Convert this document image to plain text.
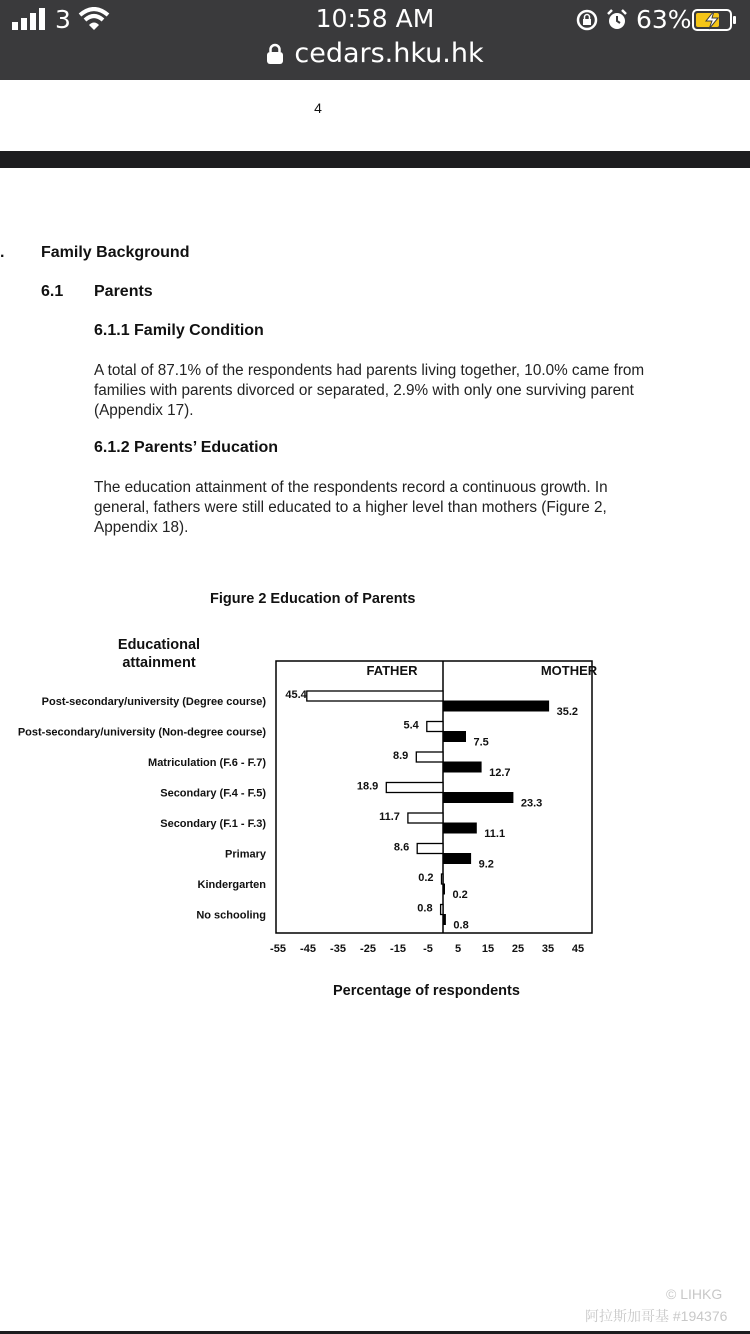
3	10:58 AM	63%
cedars.hku.hk
4
. Family Background
6.1 Parents
6.1.1 Family Condition
A total of 87.1% of the respondents had parents living together, 10.0% came from families with parents divorced or separated, 2.9% with only one surviving parent (Appendix 17).
6.1.2 Parents’ Education
The education attainment of the respondents record a continuous growth. In general, fathers were still educated to a higher level than mothers (Figure 2, Appendix 18).
Figure 2 Education of Parents
Educational
attainment	FATHER	MOTHER
-55 -45 -35 -25 -15 -5 5 15 25 35 45
Post-secondary/university (Degree course)
45.4
35.2
Post-secondary/university (Non-degree course)
5.4
7.5
Matriculation (F.6 - F.7)
8.9
12.7
Secondary (F.4 - F.5)
18.9
23.3
Secondary (F.1 - F.3)
11.7
11.1
Primary
8.6
9.2
Kindergarten
0.2
0.2
No schooling
0.8
0.8
Percentage of respondents
© LIHKG
阿拉斯加哥基 #194376
